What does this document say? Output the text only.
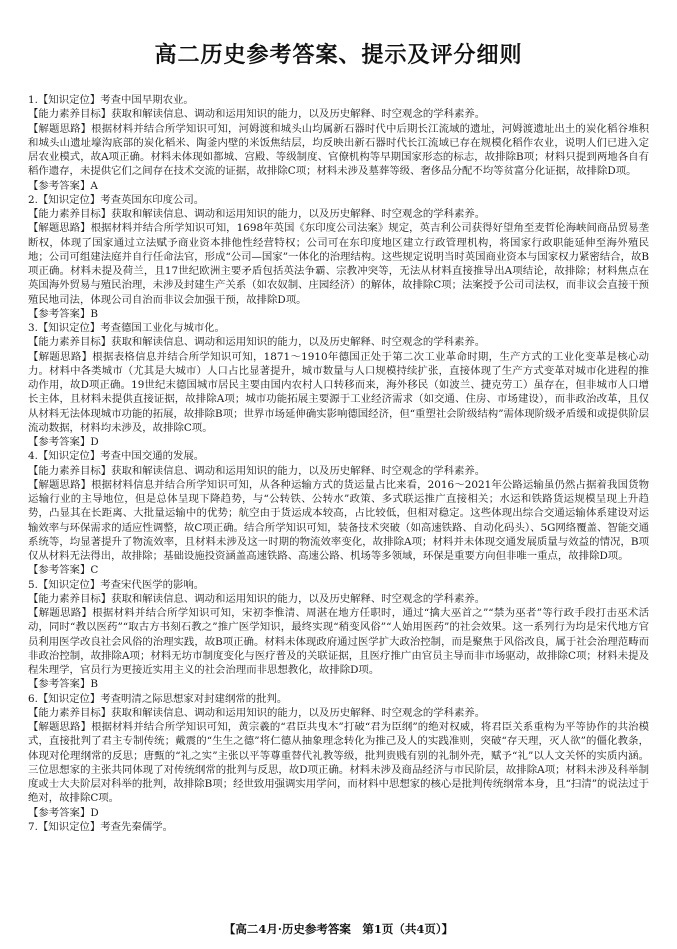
高二历史参考答案、提示及评分细则
1.【知识定位】考查中国早期农业。
【能力素养目标】获取和解读信息、调动和运用知识的能力，以及历史解释、时空观念的学科素养。
【解题思路】根据材料并结合所学知识可知，河姆渡和城头山均属新石器时代中后期长江流域的遗址，河姆渡遗址出土的炭化稻谷堆积和城头山遗址壕沟底部的炭化稻米、陶釜内壁的米饭焦结层，均反映出新石器时代长江流域已存在规模化稻作农业，说明人们已进入定居农业模式，故A项正确。材料未体现如都城、宫殿、等级制度、官僚机构等早期国家形态的标志，故排除B项；材料只提到两地各自有稻作遗存，未提供它们之间存在技术交流的证据，故排除C项；材料未涉及墓葬等级、奢侈品分配不均等贫富分化证据，故排除D项。
【参考答案】A
2.【知识定位】考查英国东印度公司。
【能力素养目标】获取和解读信息、调动和运用知识的能力，以及历史解释、时空观念的学科素养。
【解题思路】根据材料并结合所学知识可知，1698年英国《东印度公司法案》规定，英吉利公司获得好望角至麦哲伦海峡间商品贸易垄断权，体现了国家通过立法赋予商业资本排他性经营特权；公司可在东印度地区建立行政管理机构，将国家行政职能延伸至海外殖民地；公司可组建法庭并自行任命法官，形成“公司—国家”一体化的治理结构。这些规定说明当时英国商业资本与国家权力紧密结合，故B项正确。材料未提及荷兰，且17世纪欧洲主要矛盾包括英法争霸、宗教冲突等，无法从材料直接推导出A项结论，故排除；材料焦点在英国海外贸易与殖民治理，未涉及封建生产关系（如农奴制、庄园经济）的解体，故排除C项；法案授予公司司法权，而非议会直接干预殖民地司法，体现公司自治而非议会加强干预，故排除D项。
【参考答案】B
3.【知识定位】考查德国工业化与城市化。
【能力素养目标】获取和解读信息、调动和运用知识的能力，以及历史解释、时空观念的学科素养。
【解题思路】根据表格信息并结合所学知识可知，1871～1910年德国正处于第二次工业革命时期，生产方式的工业化变革是核心动力。材料中各类城市（尤其是大城市）人口占比显著提升，城市数量与人口规模持续扩张，直接体现了生产方式变革对城市化进程的推动作用，故D项正确。19世纪末德国城市居民主要由国内农村人口转移而来，海外移民（如波兰、捷克劳工）虽存在，但非城市人口增长主体，且材料未提供直接证据，故排除A项；城市功能拓展主要源于工业经济需求（如交通、住房、市场建设），而非政治改革，且仅从材料无法体现城市功能的拓展，故排除B项；世界市场延伸确实影响德国经济，但“重塑社会阶级结构”需体现阶级矛盾缓和或提供阶层流动数据，材料均未涉及，故排除C项。
【参考答案】D
4.【知识定位】考查中国交通的发展。
【能力素养目标】获取和解读信息、调动和运用知识的能力，以及历史解释、时空观念的学科素养。
【解题思路】根据材料信息并结合所学知识可知，从各种运输方式的货运量占比来看，2016～2021年公路运输虽仍然占据着我国货物运输行业的主导地位，但是总体呈现下降趋势，与“公转铁、公转水”政策、多式联运推广直接相关；水运和铁路货运规模呈现上升趋势，凸显其在长距离、大批量运输中的优势；航空由于货运成本较高，占比较低，但相对稳定。这些体现出综合交通运输体系建设对运输效率与环保需求的适应性调整，故C项正确。结合所学知识可知，装备技术突破（如高速铁路、自动化码头）、5G网络覆盖、智能交通系统等，均显著提升了物流效率，且材料未涉及这一时期的物流效率变化，故排除A项；材料并未体现交通发展质量与效益的情况，B项仅从材料无法得出，故排除；基础设施投资涵盖高速铁路、高速公路、机场等多领域，环保是重要方向但非唯一重点，故排除D项。
【参考答案】C
5.【知识定位】考查宋代医学的影响。
【能力素养目标】获取和解读信息、调动和运用知识的能力，以及历史解释、时空观念的学科素养。
【解题思路】根据材料并结合所学知识可知，宋初李惟清、周湛在地方任职时，通过“擒大巫首之”“禁为巫者”等行政手段打击巫术活动，同时“教以医药”“取古方书刻石教之”推广医学知识，最终实现“稍变风俗”“人始用医药”的社会效果。这一系列行为均是宋代地方官员利用医学改良社会风俗的治理实践，故B项正确。材料未体现政府通过医学扩大政治控制，而是聚焦于风俗改良，属于社会治理范畴而非政治控制，故排除A项；材料无坊市制度变化与医疗普及的关联证据，且医疗推广由官员主导而非市场驱动，故排除C项；材料未提及程朱理学，官员行为更接近实用主义的社会治理而非思想教化，故排除D项。
【参考答案】B
6.【知识定位】考查明清之际思想家对封建纲常的批判。
【能力素养目标】获取和解读信息、调动和运用知识的能力，以及历史解释、时空观念的学科素养。
【解题思路】根据材料并结合所学知识可知，黄宗羲的“君臣共曳木”打破“君为臣纲”的绝对权威，将君臣关系重构为平等协作的共治模式，直接批判了君主专制传统；戴震的“生生之德”将仁德从抽象理念转化为推己及人的实践准则，突破“存天理，灭人欲”的僵化教条，体现对伦理纲常的反思；唐甄的“礼之实”主张以平等尊重替代礼教等级，批判贵贱有别的礼制外壳，赋予“礼”以人文关怀的实质内涵。三位思想家的主张共同体现了对传统纲常的批判与反思，故D项正确。材料未涉及商品经济与市民阶层，故排除A项；材料未涉及科举制度或士大夫阶层对科举的批判，故排除B项；经世致用强调实用学问，而材料中思想家的核心是批判传统纲常本身，且“扫清”的说法过于绝对，故排除C项。
【参考答案】D
7.【知识定位】考查先秦儒学。
【高二4月·历史参考答案　第1页（共4页）】
